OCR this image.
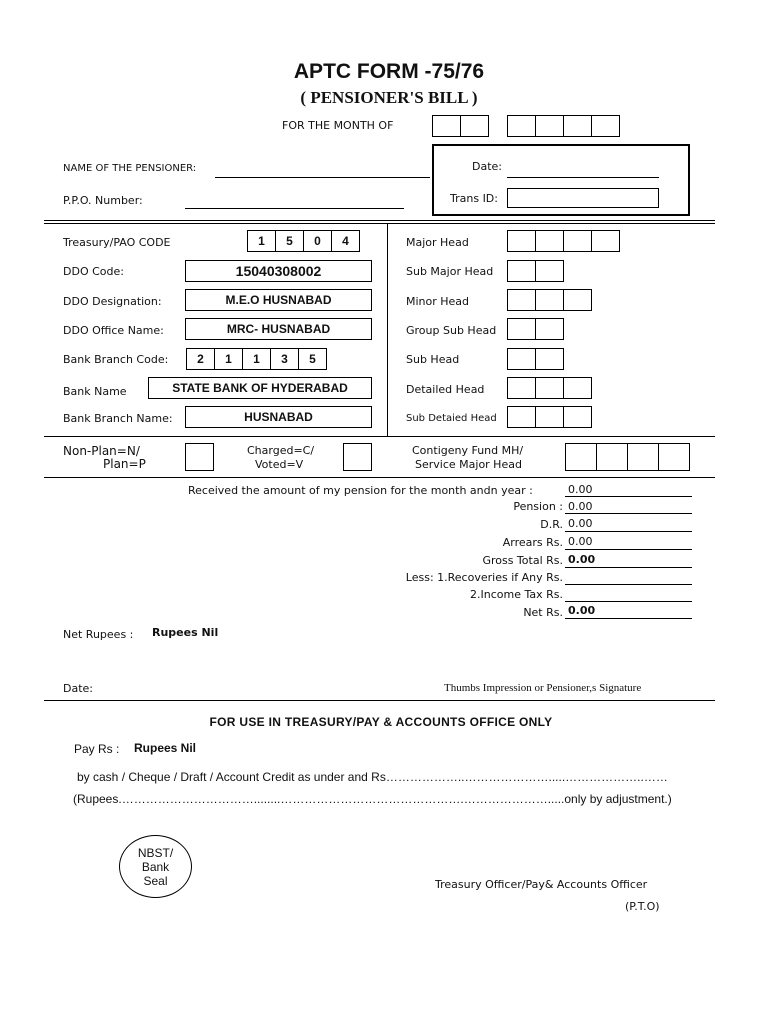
APTC FORM -75/76
( PENSIONER'S BILL )
FOR THE MONTH OF
NAME OF THE PENSIONER:
P.P.O. Number:
Date:
Trans ID:
Treasury/PAO CODE	1	5	0	4
DDO Code:	15040308002
DDO Designation:	M.E.O HUSNABAD
DDO Office Name:	MRC- HUSNABAD
Bank Branch Code:	2	1	1	3	5
Bank Name	STATE BANK OF HYDERABAD
Bank Branch Name:	HUSNABAD
Major Head
Sub Major Head
Minor Head
Group Sub Head
Sub Head
Detailed Head
Sub Detaied Head
Non-Plan=N/
Plan=P
Charged=C/
Voted=V
Contigeny Fund MH/
Service Major Head
Received the amount of my pension for the month andn year :	0.00
Pension : 0.00
D.R. 0.00
Arrears Rs. 0.00
Gross Total Rs. 0.00
Less: 1.Recoveries if Any Rs.
2.Income Tax Rs.
Net Rs. 0.00
Net Rupees : Rupees Nil
Date:	Thumbs Impression or Pensioner,s Signature
FOR USE IN TREASURY/PAY & ACCOUNTS OFFICE ONLY
Pay Rs : Rupees Nil
by cash / Cheque / Draft / Account Credit as under and Rs………………..………………….....………………..……
(Rupees.……………………………........……………………………………….………………….....only by adjustment.)
NBST/
Bank
Seal	Treasury Officer/Pay& Accounts Officer
(P.T.O)
